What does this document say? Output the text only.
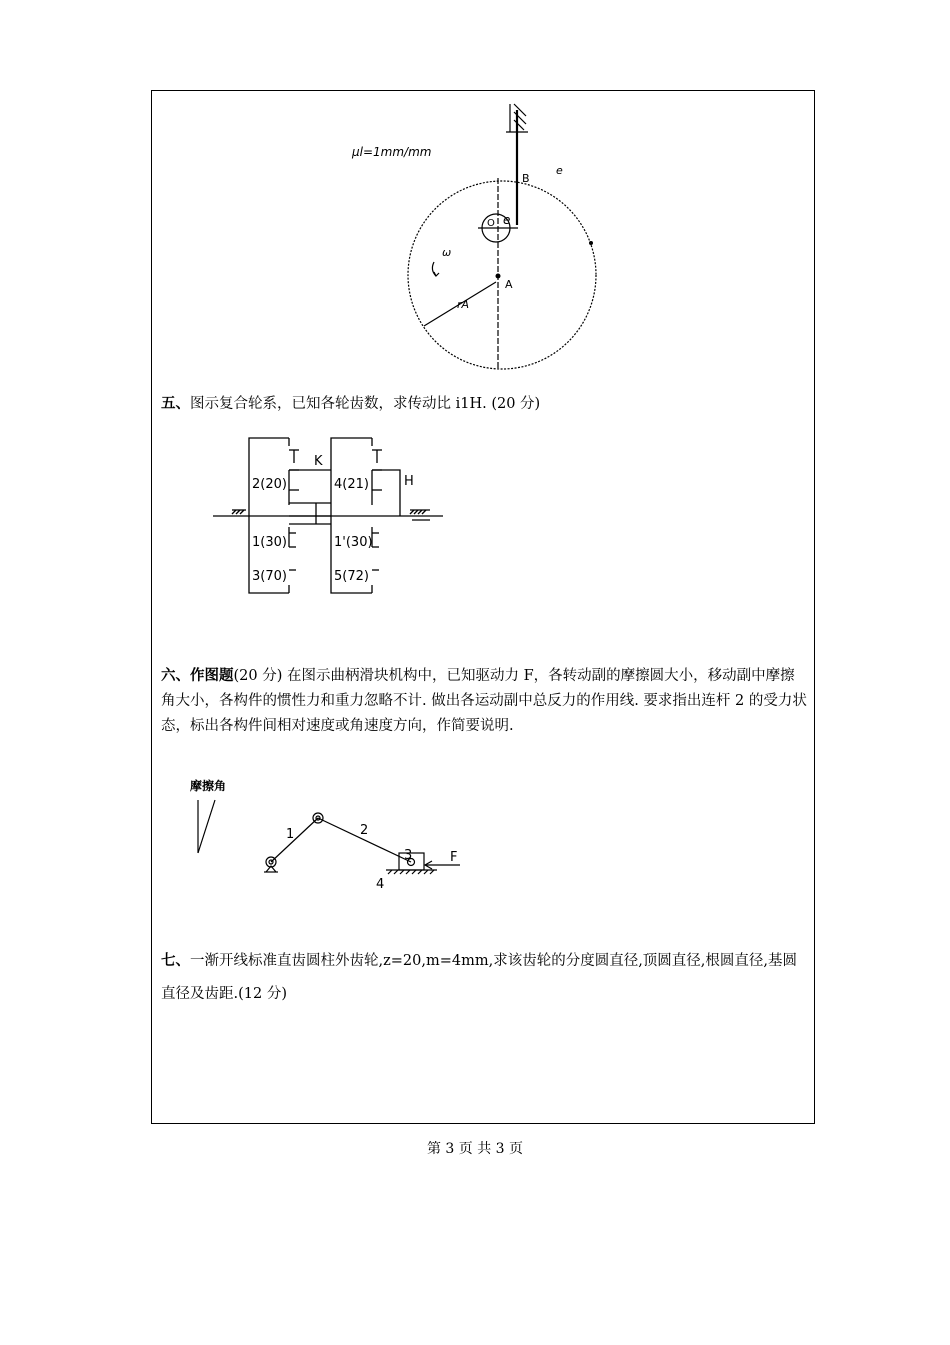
μl=1mm/mm
B
e
O e
ω
rA
A
五、图示复合轮系，已知各轮齿数，求传动比 i1H. (20 分)
K
H
2(20)	4(21)
1(30)	1'(30)
3(70)	5(72)
六、作图题(20 分) 在图示曲柄滑块机构中，已知驱动力 F，各转动副的摩擦圆大小，移动副中摩擦角大小，各构件的惯性力和重力忽略不计. 做出各运动副中总反力的作用线. 要求指出连杆 2 的受力状态，标出各构件间相对速度或角速度方向，作简要说明.
摩擦角
1	2
3
4
F
七、一渐开线标准直齿圆柱外齿轮,z=20,m=4mm,求该齿轮的分度圆直径,顶圆直径,根圆直径,基圆直径及齿距.(12 分)
第 3 页 共 3 页
